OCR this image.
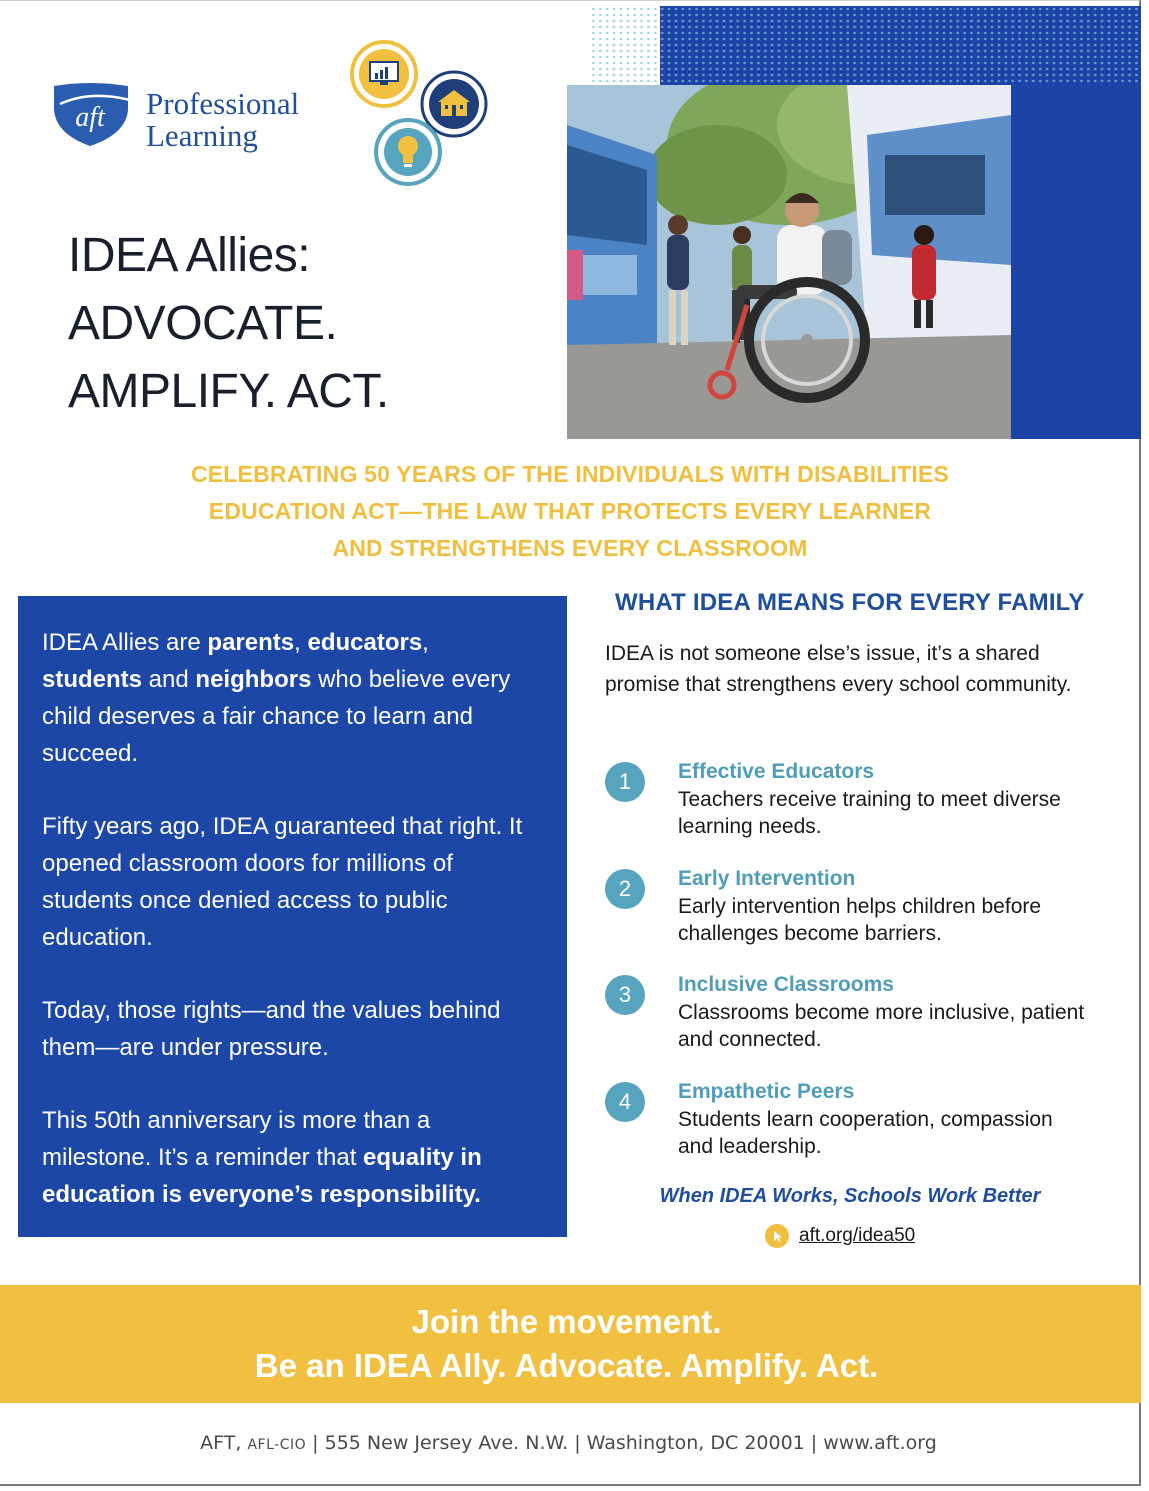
aft Professional
Learning
IDEA Allies:
ADVOCATE.
AMPLIFY. ACT.
CELEBRATING 50 YEARS OF THE INDIVIDUALS WITH DISABILITIES
EDUCATION ACT—THE LAW THAT PROTECTS EVERY LEARNER
AND STRENGTHENS EVERY CLASSROOM

IDEA Allies are parents, educators,
students and neighbors who believe every child deserves a fair chance to learn and succeed.

Fifty years ago, IDEA guaranteed that right. It opened classroom doors for millions of students once denied access to public education.

Today, those rights—and the values behind them—are under pressure.

This 50th anniversary is more than a milestone. It’s a reminder that equality in education is everyone’s responsibility.

WHAT IDEA MEANS FOR EVERY FAMILY
IDEA is not someone else’s issue, it’s a shared promise that strengthens every school community.
1	Effective Educators
Teachers receive training to meet diverse learning needs.
2	Early Intervention
Early intervention helps children before challenges become barriers.
3	Inclusive Classrooms
Classrooms become more inclusive, patient and connected.
4	Empathetic Peers
Students learn cooperation, compassion and leadership.
When IDEA Works, Schools Work Better
aft.org/idea50
Join the movement.
Be an IDEA Ally. Advocate. Amplify. Act.
AFT, AFL-CIO | 555 New Jersey Ave. N.W. | Washington, DC 20001 | www.aft.org
